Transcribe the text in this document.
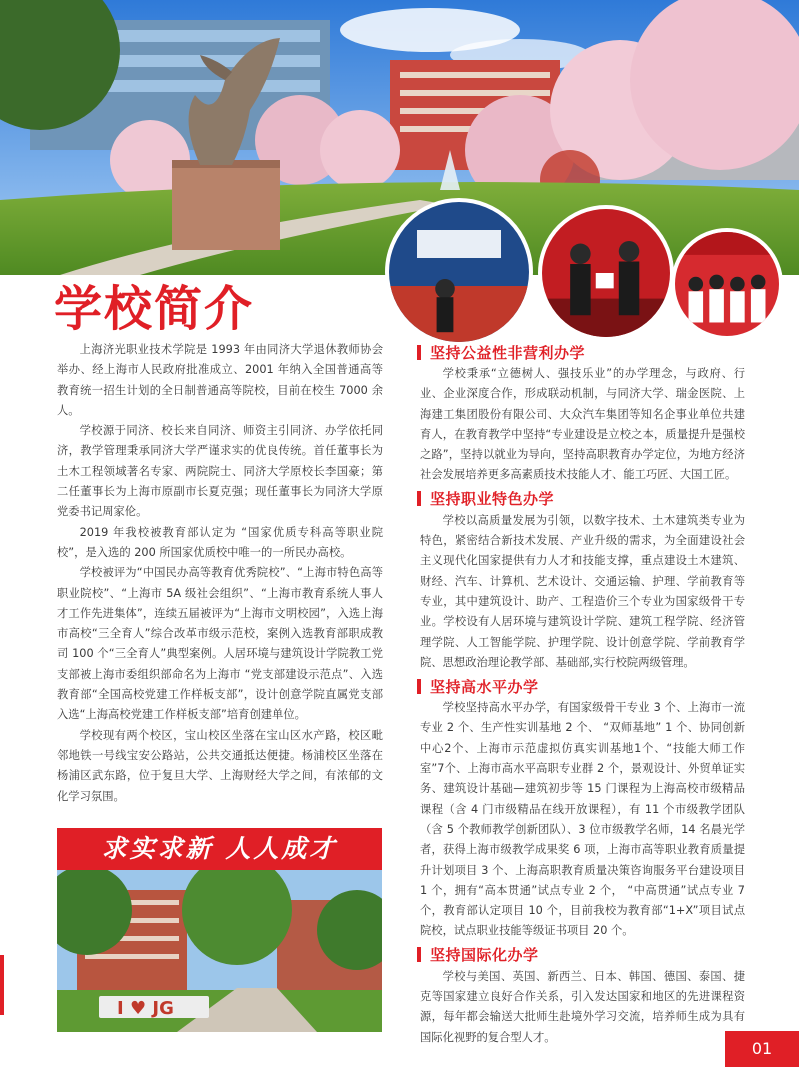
学校简介

上海济光职业技术学院是 1993 年由同济大学退休教师协会举办、经上海市人民政府批准成立、2001 年纳入全国普通高等教育统一招生计划的全日制普通高等院校，目前在校生 7000 余人。

学校源于同济、校长来自同济、师资主引同济、办学依托同济，教学管理秉承同济大学严谨求实的优良传统。首任董事长为土木工程领域著名专家、两院院士、同济大学原校长李国豪；第二任董事长为上海市原副市长夏克强；现任董事长为同济大学原党委书记周家伦。

2019 年我校被教育部认定为 “国家优质专科高等职业院校”，是入选的 200 所国家优质校中唯一的一所民办高校。

学校被评为“中国民办高等教育优秀院校”、“上海市特色高等职业院校”、“上海市 5A 级社会组织”、“上海市教育系统人事人才工作先进集体”，连续五届被评为“上海市文明校园”，入选上海市高校“三全育人”综合改革市级示范校，案例入选教育部职成教司 100 个“三全育人”典型案例。人居环境与建筑设计学院教工党支部被上海市委组织部命名为上海市 “党支部建设示范点”、入选教育部“全国高校党建工作样板支部”，设计创意学院直属党支部入选“上海高校党建工作样板支部”培育创建单位。

学校现有两个校区，宝山校区坐落在宝山区水产路，校区毗邻地铁一号线宝安公路站，公共交通抵达便捷。杨浦校区坐落在杨浦区武东路，位于复旦大学、上海财经大学之间，有浓郁的文化学习氛围。

求实求新 人人成才
I ♥ JG
坚持公益性非营利办学

学校秉承“立德树人、强技乐业”的办学理念，与政府、行业、企业深度合作，形成联动机制，与同济大学、瑞金医院、上海建工集团股份有限公司、大众汽车集团等知名企事业单位共建育人，在教育教学中坚持“专业建设是立校之本，质量提升是强校之路”，坚持以就业为导向，坚持高职教育办学定位，为地方经济社会发展培养更多高素质技术技能人才、能工巧匠、大国工匠。

坚持职业特色办学

学校以高质量发展为引领，以数字技术、土木建筑类专业为特色，紧密结合新技术发展、产业升级的需求，为全面建设社会主义现代化国家提供有力人才和技能支撑，重点建设土木建筑、财经、汽车、计算机、艺术设计、交通运输、护理、学前教育等专业，其中建筑设计、助产、工程造价三个专业为国家级骨干专业。学校设有人居环境与建筑设计学院、建筑工程学院、经济管理学院、人工智能学院、护理学院、设计创意学院、学前教育学院、思想政治理论教学部、基础部,实行校院两级管理。

坚持高水平办学

学校坚持高水平办学，有国家级骨干专业 3 个、上海市一流专业 2 个、生产性实训基地 2 个、 “双师基地” 1 个、协同创新中心2个、上海市示范虚拟仿真实训基地1个、“技能大师工作室”7个、上海市高水平高职专业群 2 个，景观设计、外贸单证实务、建筑设计基础—建筑初步等 15 门课程为上海高校市级精品课程（含 4 门市级精品在线开放课程），有 11 个市级教学团队（含 5 个教师教学创新团队）、3 位市级教学名师，14 名晨光学者，获得上海市级教学成果奖 6 项，上海市高等职业教育质量提升计划项目 3 个、上海高职教育质量决策咨询服务平台建设项目 1 个，拥有“高本贯通”试点专业 2 个， “中高贯通”试点专业 7 个，教育部认定项目 10 个，目前我校为教育部“1+X”项目试点院校，试点职业技能等级证书项目 20 个。

坚持国际化办学

学校与美国、英国、新西兰、日本、韩国、德国、泰国、捷克等国家建立良好合作关系，引入发达国家和地区的先进课程资源，每年都会输送大批师生赴境外学习交流，培养师生成为具有国际化视野的复合型人才。

01
